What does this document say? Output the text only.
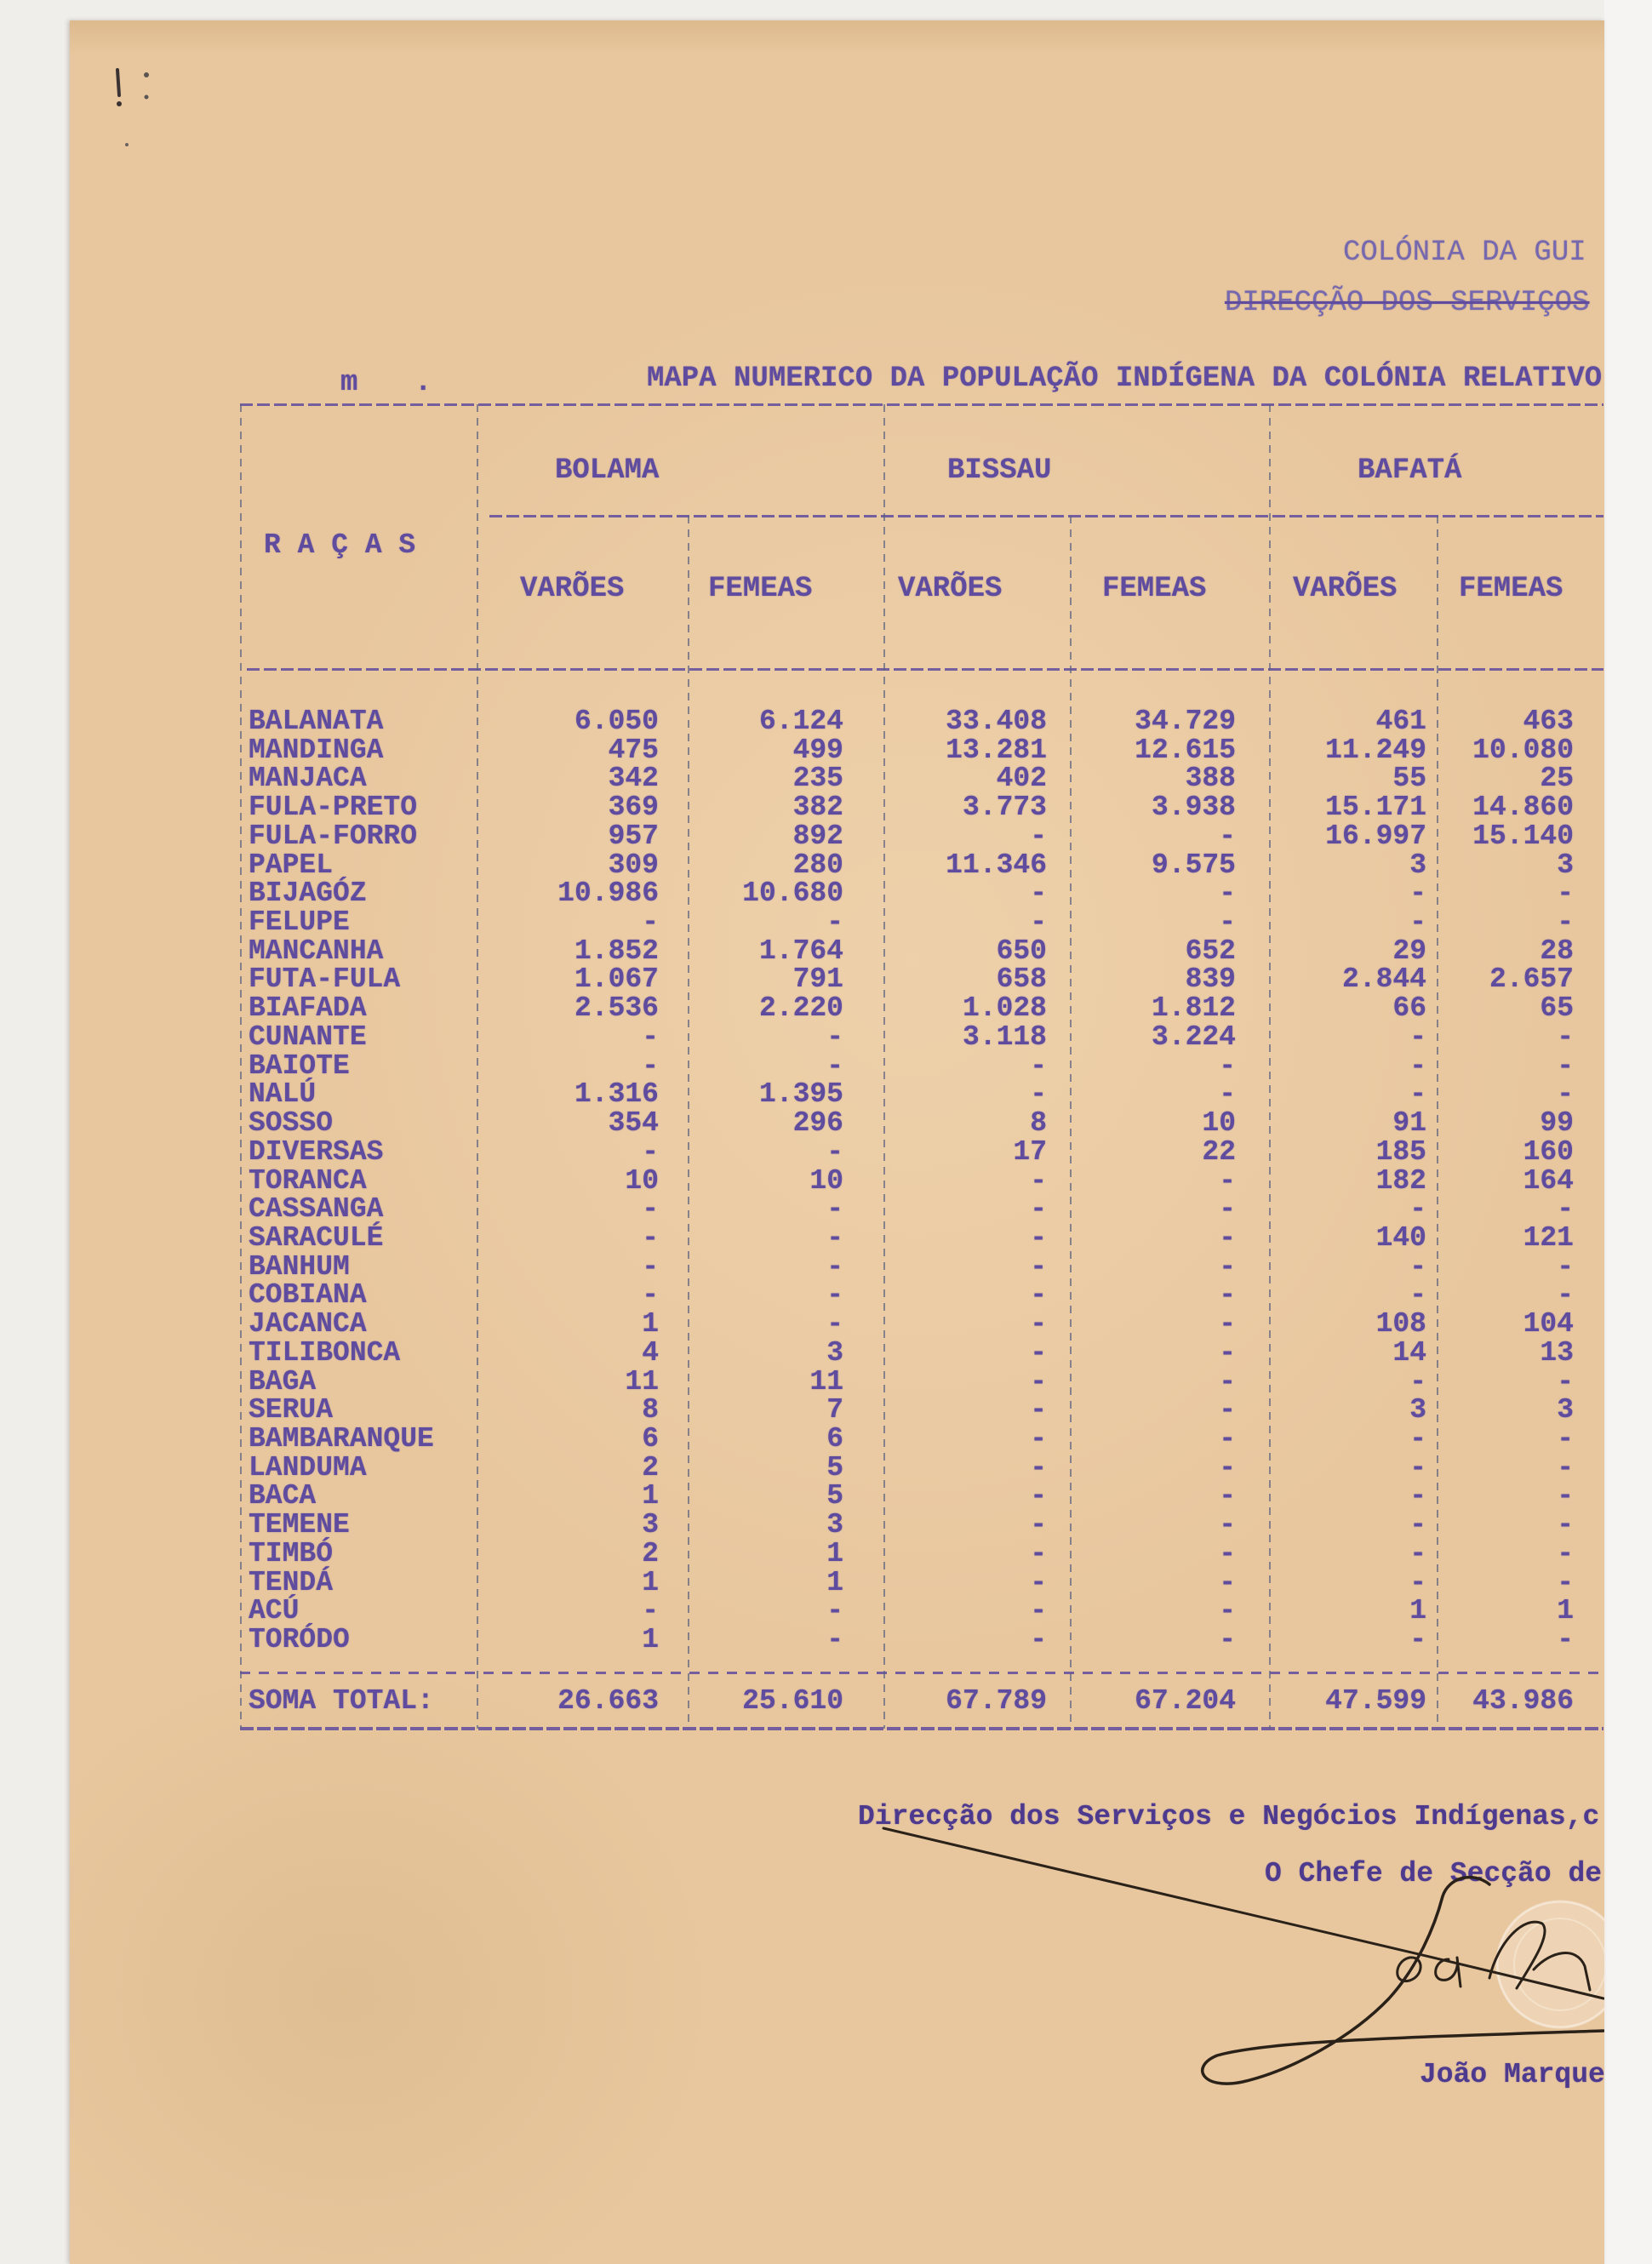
COLÓNIA DA GUI
DIRECÇÃO DOS SERVIÇOS
m .	MAPA NUMERICO DA POPULAÇÃO INDÍGENA DA COLÓNIA RELATIVO
BOLAMA	BISSAU	BAFATÁ
R A Ç A S
VARÕES	FEMEAS	VARÕES	FEMEAS	VARÕES FEMEAS
BALANATA	6.050	6.124	33.408	34.729	461	463
MANDINGA	475	499	13.281	12.615	11.249	10.080
MANJACA	342	235	402	388	55	25
FULA-PRETO	369	382	3.773	3.938	15.171	14.860
FULA-FORRO	957	892	-	-	16.997	15.140
PAPEL	309	280	11.346	9.575	3	3
BIJAGÓZ	10.986	10.680	-	-	-	-
FELUPE	-	-	-	-	-	-
MANCANHA	1.852	1.764	650	652	29	28
FUTA-FULA	1.067	791	658	839	2.844	2.657
BIAFADA	2.536	2.220	1.028	1.812	66	65
CUNANTE	-	-	3.118	3.224	-	-
BAIOTE	-	-	-	-	-	-
NALÚ	1.316	1.395	-	-	-	-
SOSSO	354	296	8	10	91	99
DIVERSAS	-	-	17	22	185	160
TORANCA	10	10	-	-	182	164
CASSANGA	-	-	-	-	-	-
SARACULÉ	-	-	-	-	140	121
BANHUM	-	-	-	-	-	-
COBIANA	-	-	-	-	-	-
JACANCA	1	-	-	-	108	104
TILIBONCA	4	3	-	-	14	13
BAGA	11	11	-	-	-	-
SERUA	8	7	-	-	3	3
BAMBARANQUE	6	6	-	-	-	-
LANDUMA	2	5	-	-	-	-
BACA	1	5	-	-	-	-
TEMENE	3	3	-	-	-	-
TIMBÓ	2	1	-	-	-	-
TENDÁ	1	1	-	-	-	-
ACÚ	-	-	-	-	1	1
TORÓDO	1	-	-	-	-	-
SOMA TOTAL:	26.663	25.610	67.789	67.204	47.599	43.986
Direcção dos Serviços e Negócios Indígenas,c
O Chefe de Secção de
João Marque
